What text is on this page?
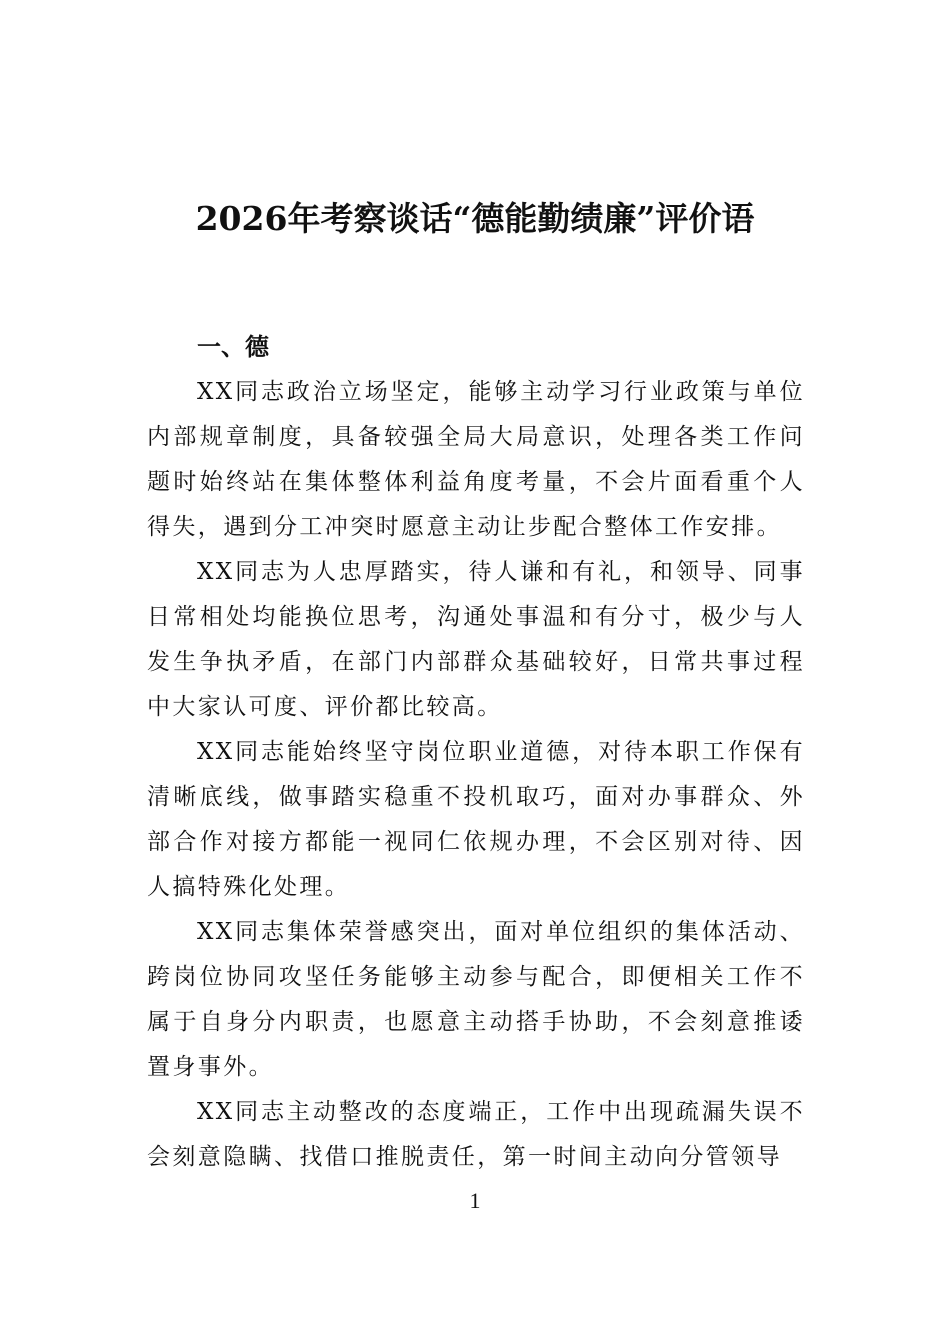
2026年考察谈话“德能勤绩廉”评价语

一、德

XX同志政治立场坚定，能够主动学习行业政策与单位内部规章制度，具备较强全局大局意识，处理各类工作问题时始终站在集体整体利益角度考量，不会片面看重个人得失，遇到分工冲突时愿意主动让步配合整体工作安排。

XX同志为人忠厚踏实，待人谦和有礼，和领导、同事日常相处均能换位思考，沟通处事温和有分寸，极少与人发生争执矛盾，在部门内部群众基础较好，日常共事过程中大家认可度、评价都比较高。

XX同志能始终坚守岗位职业道德，对待本职工作保有清晰底线，做事踏实稳重不投机取巧，面对办事群众、外部合作对接方都能一视同仁依规办理，不会区别对待、因人搞特殊化处理。

XX同志集体荣誉感突出，面对单位组织的集体活动、跨岗位协同攻坚任务能够主动参与配合，即便相关工作不属于自身分内职责，也愿意主动搭手协助，不会刻意推诿置身事外。

XX同志主动整改的态度端正，工作中出现疏漏失误不会刻意隐瞒、找借口推脱责任，第一时间主动向分管领导

1
